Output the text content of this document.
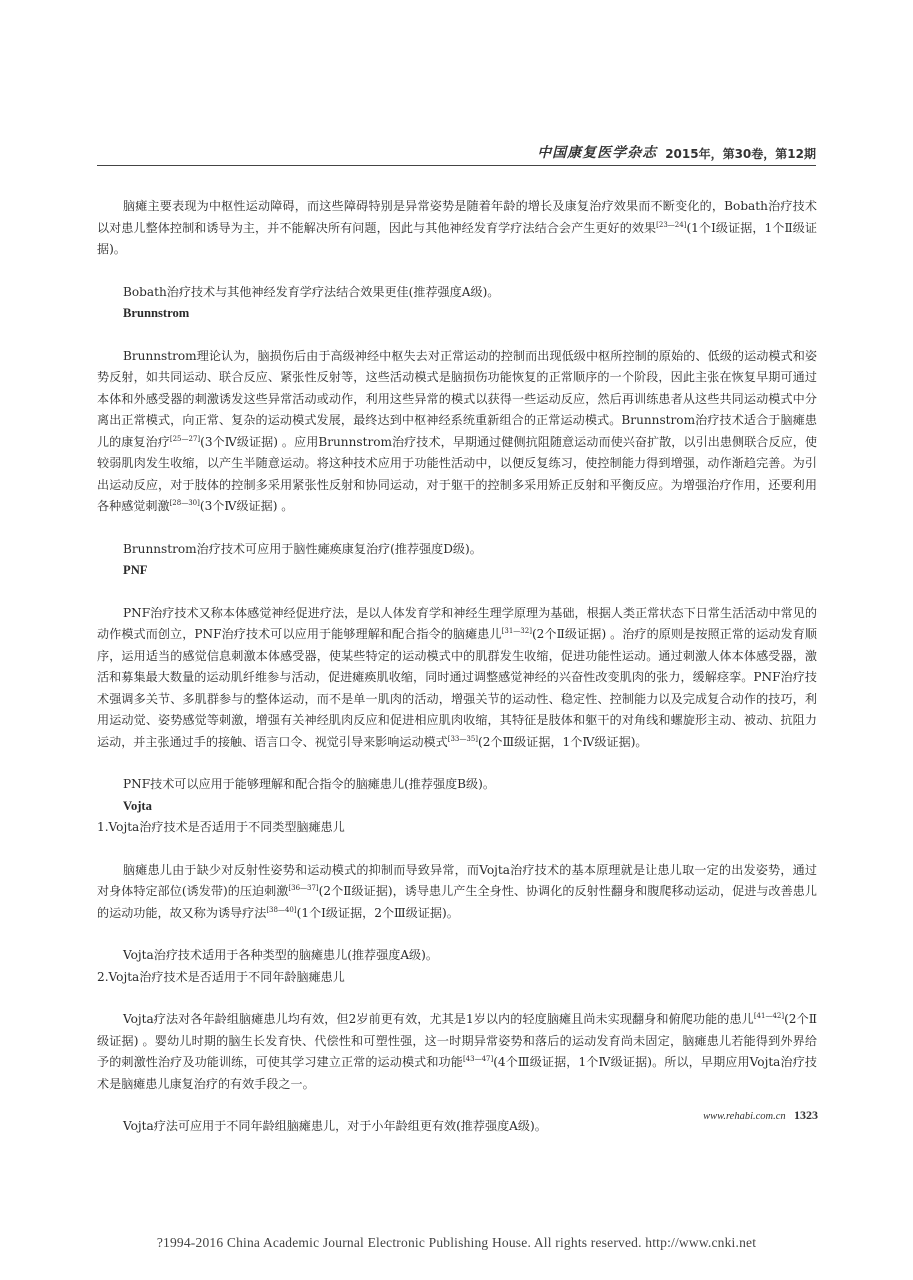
中国康复医学杂志 2015年，第30卷，第12期

脑瘫主要表现为中枢性运动障碍，而这些障碍特别是异常姿势是随着年龄的增长及康复治疗效果而不断变化的，Bobath治疗技术以对患儿整体控制和诱导为主，并不能解决所有问题，因此与其他神经发育学疗法结合会产生更好的效果[23—24](1个Ⅰ级证据，1个Ⅱ级证据)。

Bobath治疗技术与其他神经发育学疗法结合效果更佳(推荐强度A级)。

Brunnstrom

Brunnstrom理论认为，脑损伤后由于高级神经中枢失去对正常运动的控制而出现低级中枢所控制的原始的、低级的运动模式和姿势反射，如共同运动、联合反应、紧张性反射等，这些活动模式是脑损伤功能恢复的正常顺序的一个阶段，因此主张在恢复早期可通过本体和外感受器的刺激诱发这些异常活动或动作，利用这些异常的模式以获得一些运动反应，然后再训练患者从这些共同运动模式中分离出正常模式，向正常、复杂的运动模式发展，最终达到中枢神经系统重新组合的正常运动模式。Brunnstrom治疗技术适合于脑瘫患儿的康复治疗[25—27](3个Ⅳ级证据) 。应用Brunnstrom治疗技术，早期通过健侧抗阻随意运动而使兴奋扩散，以引出患侧联合反应，使较弱肌肉发生收缩，以产生半随意运动。将这种技术应用于功能性活动中，以便反复练习，使控制能力得到增强，动作渐趋完善。为引出运动反应，对于肢体的控制多采用紧张性反射和协同运动，对于躯干的控制多采用矫正反射和平衡反应。为增强治疗作用，还要利用各种感觉刺激[28—30](3个Ⅳ级证据) 。

Brunnstrom治疗技术可应用于脑性瘫痪康复治疗(推荐强度D级)。

PNF

PNF治疗技术又称本体感觉神经促进疗法，是以人体发育学和神经生理学原理为基础，根据人类正常状态下日常生活活动中常见的动作模式而创立，PNF治疗技术可以应用于能够理解和配合指令的脑瘫患儿[31—32](2个Ⅱ级证据) 。治疗的原则是按照正常的运动发育顺序，运用适当的感觉信息刺激本体感受器，使某些特定的运动模式中的肌群发生收缩，促进功能性运动。通过刺激人体本体感受器，激活和募集最大数量的运动肌纤维参与活动，促进瘫痪肌收缩，同时通过调整感觉神经的兴奋性改变肌肉的张力，缓解痉挛。PNF治疗技术强调多关节、多肌群参与的整体运动，而不是单一肌肉的活动，增强关节的运动性、稳定性、控制能力以及完成复合动作的技巧，利用运动觉、姿势感觉等刺激，增强有关神经肌肉反应和促进相应肌肉收缩，其特征是肢体和躯干的对角线和螺旋形主动、被动、抗阻力运动，并主张通过手的接触、语言口令、视觉引导来影响运动模式[33—35](2个Ⅲ级证据，1个Ⅳ级证据)。

PNF技术可以应用于能够理解和配合指令的脑瘫患儿(推荐强度B级)。

Vojta

1.Vojta治疗技术是否适用于不同类型脑瘫患儿

脑瘫患儿由于缺少对反射性姿势和运动模式的抑制而导致异常，而Vojta治疗技术的基本原理就是让患儿取一定的出发姿势，通过对身体特定部位(诱发带)的压迫刺激[36—37](2个Ⅱ级证据)，诱导患儿产生全身性、协调化的反射性翻身和腹爬移动运动，促进与改善患儿的运动功能，故又称为诱导疗法[38—40](1个Ⅰ级证据，2个Ⅲ级证据)。

Vojta治疗技术适用于各种类型的脑瘫患儿(推荐强度A级)。

2.Vojta治疗技术是否适用于不同年龄脑瘫患儿

Vojta疗法对各年龄组脑瘫患儿均有效，但2岁前更有效，尤其是1岁以内的轻度脑瘫且尚未实现翻身和俯爬功能的患儿[41—42](2个Ⅱ级证据) 。婴幼儿时期的脑生长发育快、代偿性和可塑性强，这一时期异常姿势和落后的运动发育尚未固定，脑瘫患儿若能得到外界给予的刺激性治疗及功能训练，可使其学习建立正常的运动模式和功能[43—47](4个Ⅲ级证据，1个Ⅳ级证据)。所以，早期应用Vojta治疗技术是脑瘫患儿康复治疗的有效手段之一。

Vojta疗法可应用于不同年龄组脑瘫患儿，对于小年龄组更有效(推荐强度A级)。

www.rehabi.com.cn 1323
?1994-2016 China Academic Journal Electronic Publishing House. All rights reserved. http://www.cnki.net
